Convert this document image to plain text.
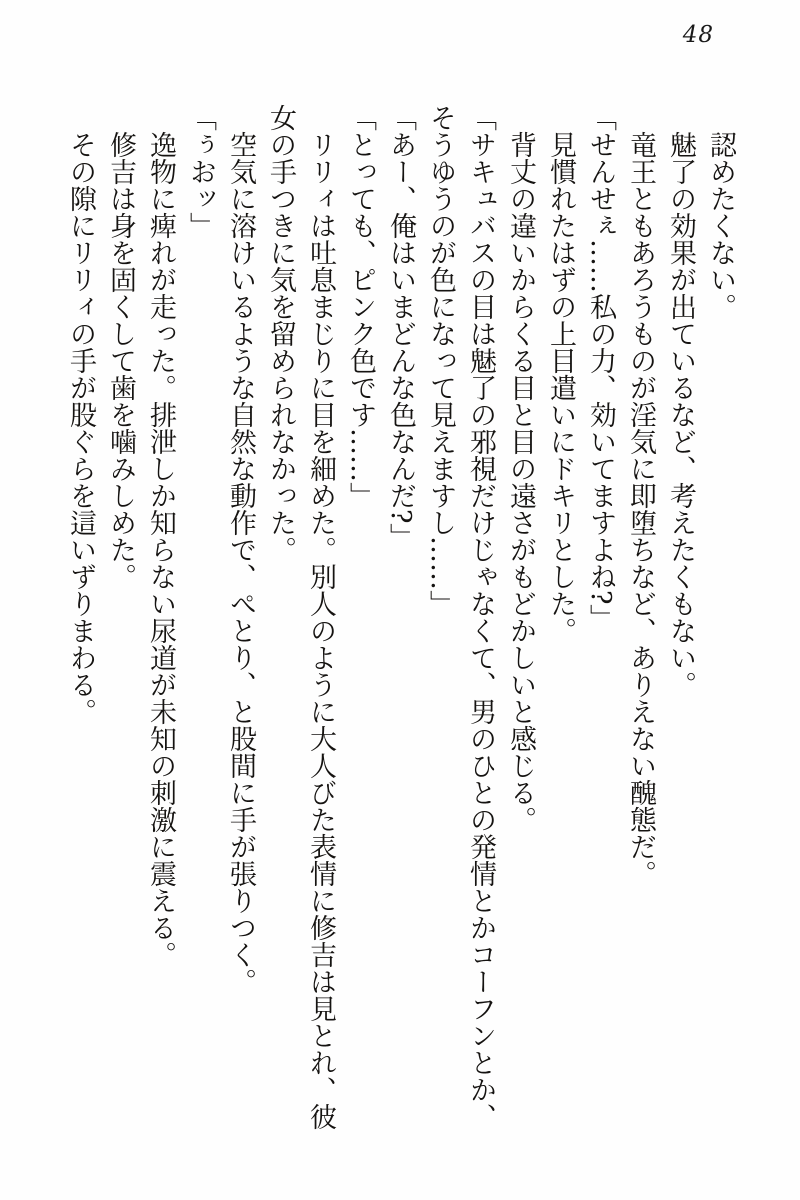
48

認めたくない。

魅了の効果が出ているなど、考えたくもない。

竜王ともあろうものが淫気に即堕ちなど、ありえない醜態だ。

「せんせぇ……私の力、効いてますよね?」

見慣れたはずの上目遣いにドキリとした。

背丈の違いからくる目と目の遠さがもどかしいと感じる。

「サキュバスの目は魅了の邪視だけじゃなくて、男のひとの発情とかコーフンとか、そうゆうのが色になって見えますし……」

「あー、俺はいまどんな色なんだ?」

「とっても、ピンク色です……」

リリィは吐息まじりに目を細めた。別人のように大人びた表情に修吉は見とれ、彼女の手つきに気を留められなかった。

空気に溶けいるような自然な動作で、ぺとり、と股間に手が張りつく。

「ぅおッ」

逸物に痺れが走った。排泄しか知らない尿道が未知の刺激に震える。

修吉は身を固くして歯を噛みしめた。

その隙にリリィの手が股ぐらを這いずりまわる。
